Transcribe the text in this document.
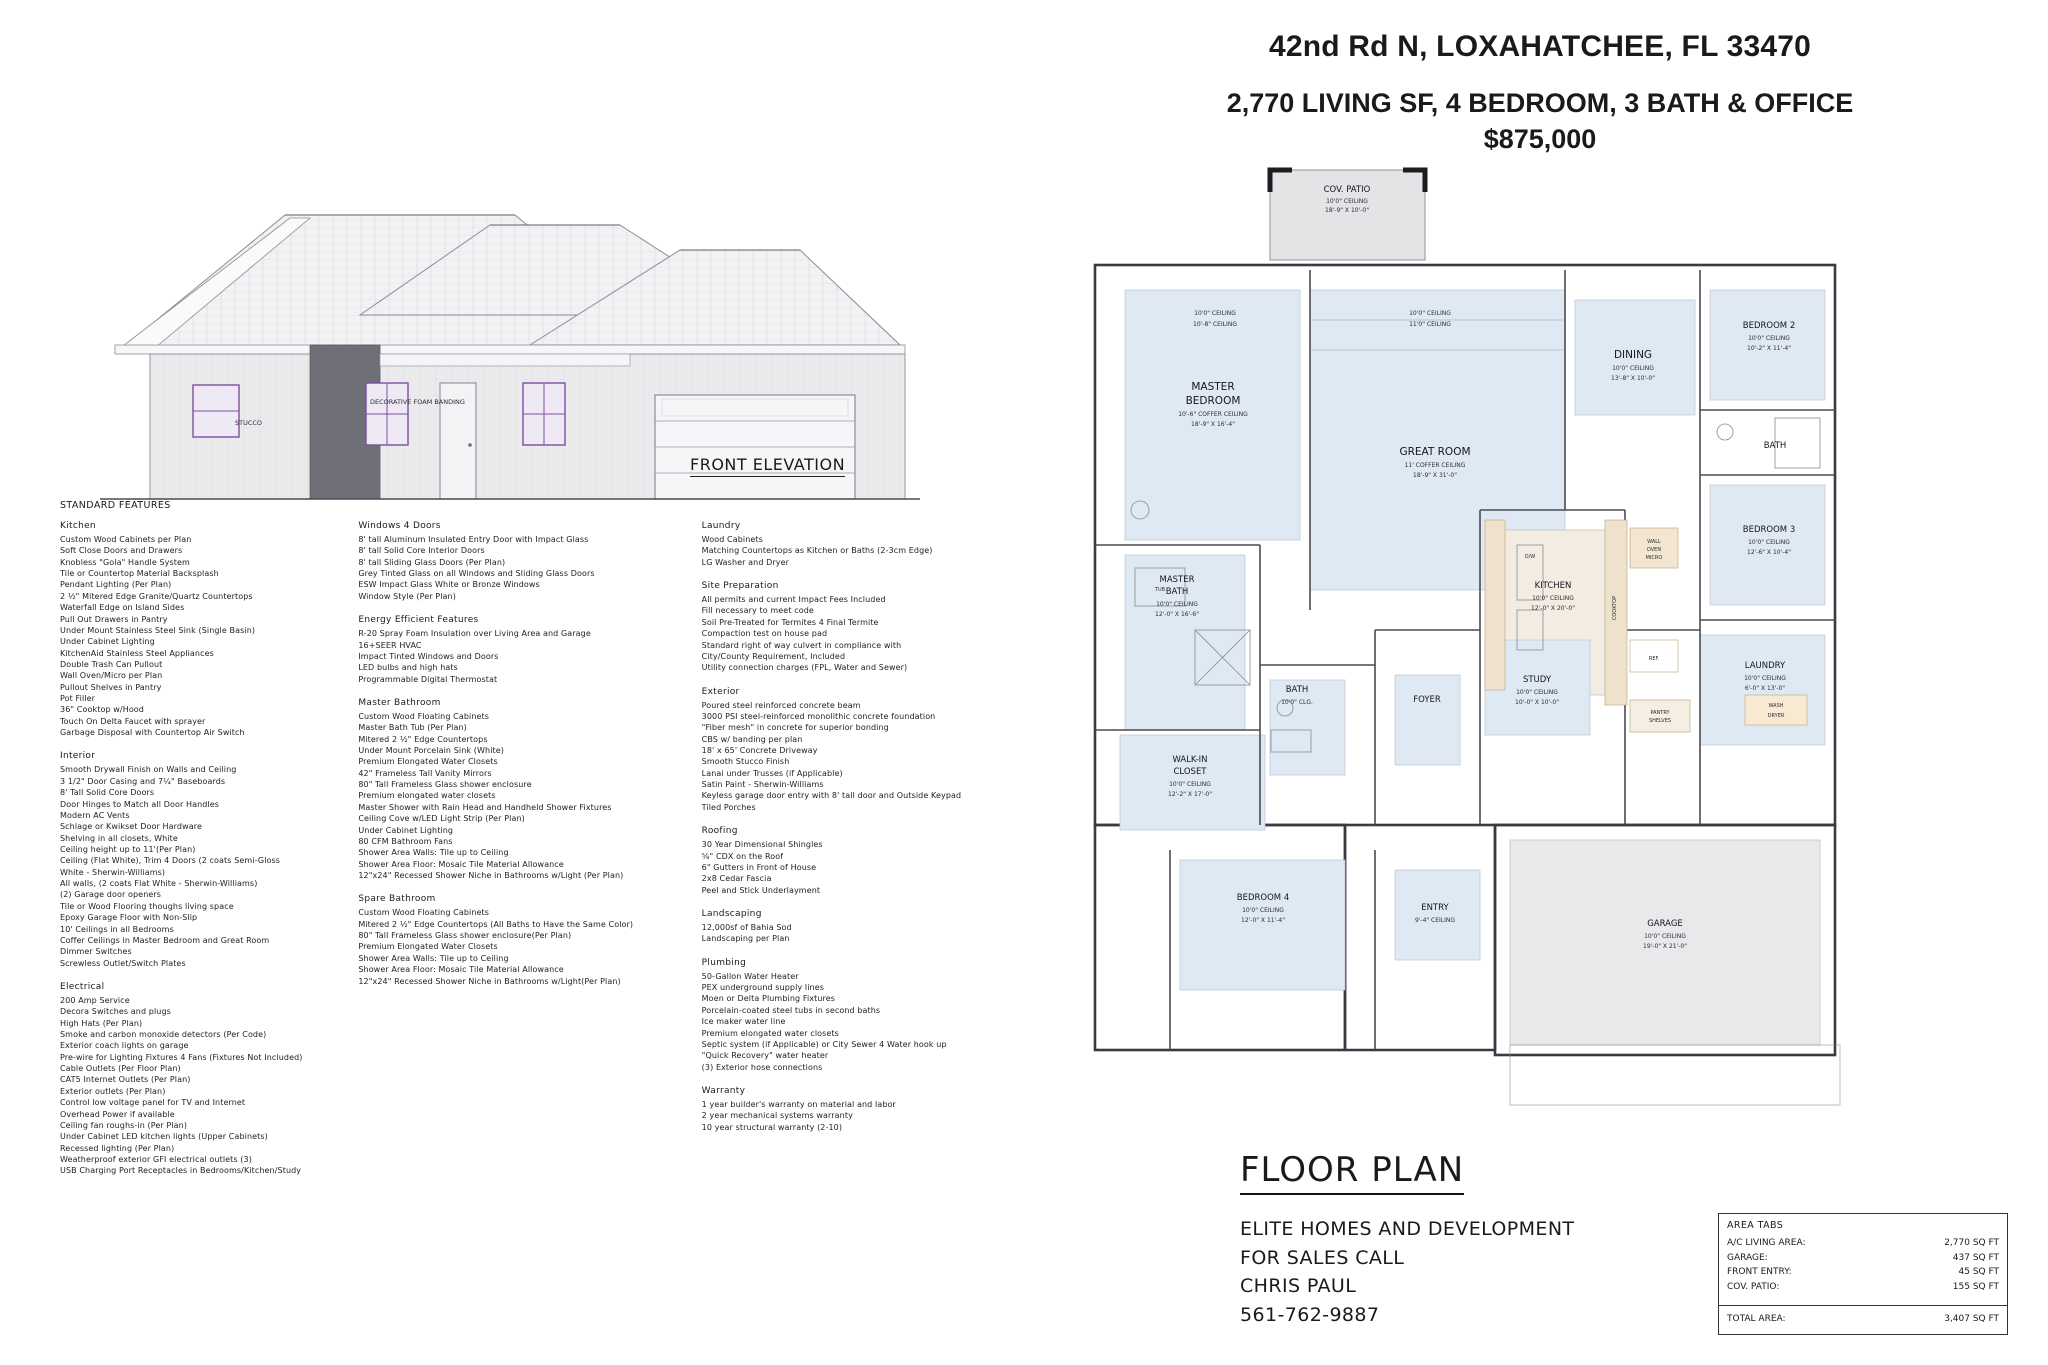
42nd Rd N, LOXAHATCHEE, FL 33470
2,770 LIVING SF, 4 BEDROOM, 3 BATH & OFFICE
$875,000
DECORATIVE FOAM BANDING
STUCCO
FRONT ELEVATION
STANDARD FEATURES
Kitchen
Custom Wood Cabinets per Plan
Soft Close Doors and Drawers
Knobless "Gola" Handle System
Tile or Countertop Material Backsplash
Pendant Lighting (Per Plan)
2 ½" Mitered Edge Granite/Quartz Countertops
Waterfall Edge on Island Sides
Pull Out Drawers in Pantry
Under Mount Stainless Steel Sink (Single Basin)
Under Cabinet Lighting
KitchenAid Stainless Steel Appliances
Double Trash Can Pullout
Wall Oven/Micro per Plan
Pullout Shelves in Pantry
Pot Filler
36" Cooktop w/Hood
Touch On Delta Faucet with sprayer
Garbage Disposal with Countertop Air Switch
Interior
Smooth Drywall Finish on Walls and Ceiling
3 1/2" Door Casing and 7¼" Baseboards
8' Tall Solid Core Doors
Door Hinges to Match all Door Handles
Modern AC Vents
Schlage or Kwikset Door Hardware
Shelving in all closets, White
Ceiling height up to 11'(Per Plan)
Ceiling (Flat White), Trim 4 Doors (2 coats Semi-Gloss
White - Sherwin-Williams)
All walls, (2 coats Flat White - Sherwin-Williams)
(2) Garage door openers
Tile or Wood Flooring thoughs living space
Epoxy Garage Floor with Non-Slip
10' Ceilings in all Bedrooms
Coffer Ceilings in Master Bedroom and Great Room
Dimmer Switches
Screwless Outlet/Switch Plates
Electrical
200 Amp Service
Decora Switches and plugs
High Hats (Per Plan)
Smoke and carbon monoxide detectors (Per Code)
Exterior coach lights on garage
Pre-wire for Lighting Fixtures 4 Fans (Fixtures Not Included)
Cable Outlets (Per Floor Plan)
CAT5 Internet Outlets (Per Plan)
Exterior outlets (Per Plan)
Control low voltage panel for TV and Internet
Overhead Power if available
Ceiling fan roughs-in (Per Plan)
Under Cabinet LED kitchen lights (Upper Cabinets)
Recessed lighting (Per Plan)
Weatherproof exterior GFI electrical outlets (3)
USB Charging Port Receptacles in Bedrooms/Kitchen/Study
Windows 4 Doors
8' tall Aluminum Insulated Entry Door with Impact Glass
8' tall Solid Core Interior Doors
8' tall Sliding Glass Doors (Per Plan)
Grey Tinted Glass on all Windows and Sliding Glass Doors
ESW Impact Glass White or Bronze Windows
Window Style (Per Plan)
Energy Efficient Features
R-20 Spray Foam Insulation over Living Area and Garage
16+SEER HVAC
Impact Tinted Windows and Doors
LED bulbs and high hats
Programmable Digital Thermostat
Master Bathroom
Custom Wood Floating Cabinets
Master Bath Tub (Per Plan)
Mitered 2 ½" Edge Countertops
Under Mount Porcelain Sink (White)
Premium Elongated Water Closets
42" Frameless Tall Vanity Mirrors
80" Tall Frameless Glass shower enclosure
Premium elongated water closets
Master Shower with Rain Head and Handheld Shower Fixtures
Ceiling Cove w/LED Light Strip (Per Plan)
Under Cabinet Lighting
80 CFM Bathroom Fans
Shower Area Walls: Tile up to Ceiling
Shower Area Floor: Mosaic Tile Material Allowance
12"x24" Recessed Shower Niche in Bathrooms w/Light (Per Plan)
Spare Bathroom
Custom Wood Floating Cabinets
Mitered 2 ½" Edge Countertops (All Baths to Have the Same Color)
80" Tall Frameless Glass shower enclosure(Per Plan)
Premium Elongated Water Closets
Shower Area Walls: Tile up to Ceiling
Shower Area Floor: Mosaic Tile Material Allowance
12"x24" Recessed Shower Niche in Bathrooms w/Light(Per Plan)
Laundry
Wood Cabinets
Matching Countertops as Kitchen or Baths (2-3cm Edge)
LG Washer and Dryer
Site Preparation
All permits and current Impact Fees Included
Fill necessary to meet code
Soil Pre-Treated for Termites 4 Final Termite
Compaction test on house pad
Standard right of way culvert in compliance with
City/County Requirement, Included
Utility connection charges (FPL, Water and Sewer)
Exterior
Poured steel reinforced concrete beam
3000 PSI steel-reinforced monolithic concrete foundation
"Fiber mesh" in concrete for superior bonding
CBS w/ banding per plan
18' x 65' Concrete Driveway
Smooth Stucco Finish
Lanai under Trusses (if Applicable)
Satin Paint - Sherwin-Williams
Keyless garage door entry with 8' tall door and Outside Keypad
Tiled Porches
Roofing
30 Year Dimensional Shingles
⅝" CDX on the Roof
6" Gutters in Front of House
2x8 Cedar Fascia
Peel and Stick Underlayment
Landscaping
12,000sf of Bahia Sod
Landscaping per Plan
Plumbing
50-Gallon Water Heater
PEX underground supply lines
Moen or Delta Plumbing Fixtures
Porcelain-coated steel tubs in second baths
Ice maker water line
Premium elongated water closets
Septic system (if Applicable) or City Sewer 4 Water hook up
"Quick Recovery" water heater
(3) Exterior hose connections
Warranty
1 year builder's warranty on material and labor
2 year mechanical systems warranty
10 year structural warranty (2-10)
COV. PATIO
10'0" CEILING
18'-9" X 10'-0"
TUB
D/W
COOKTOP
WALL
OVEN
MICRO
REF.
PANTRY
SHELVES
WASH
DRYER
10'0" CEILING
10'-8" CEILING
10'0" CEILING
11'0" CEILING
MASTER
BEDROOM
10'-6" COFFER CEILING
18'-9" X 16'-4"
GREAT ROOM
11' COFFER CEILING
18'-9" X 31'-0"
DINING
10'0" CEILING
13'-8" X 10'-0"
BEDROOM 2
10'0" CEILING
10'-2" X 11'-4"
BATH
BEDROOM 3
10'0" CEILING
12'-6" X 10'-4"
MASTER
BATH
10'0" CEILING
12'-0" X 16'-6"
KITCHEN
10'0" CEILING
12'-0" X 20'-0"
LAUNDRY
10'0" CEILING
6'-0" X 13'-0"
BATH
10'0" CLG.	FOYER
STUDY
10'0" CEILING
10'-0" X 10'-0"
WALK-IN
CLOSET
10'0" CEILING
12'-2" X 17'-0"
BEDROOM 4
10'0" CEILING
12'-0" X 11'-4"
ENTRY
9'-4" CEILING	GARAGE
10'0" CEILING
19'-0" X 21'-0"
FLOOR PLAN
ELITE HOMES AND DEVELOPMENT
FOR SALES CALL
CHRIS PAUL
561-762-9887
AREA TABS
A/C LIVING AREA:	2,770 SQ FT
GARAGE:	437 SQ FT
FRONT ENTRY:	45 SQ FT
COV. PATIO:	155 SQ FT
TOTAL AREA:	3,407 SQ FT
